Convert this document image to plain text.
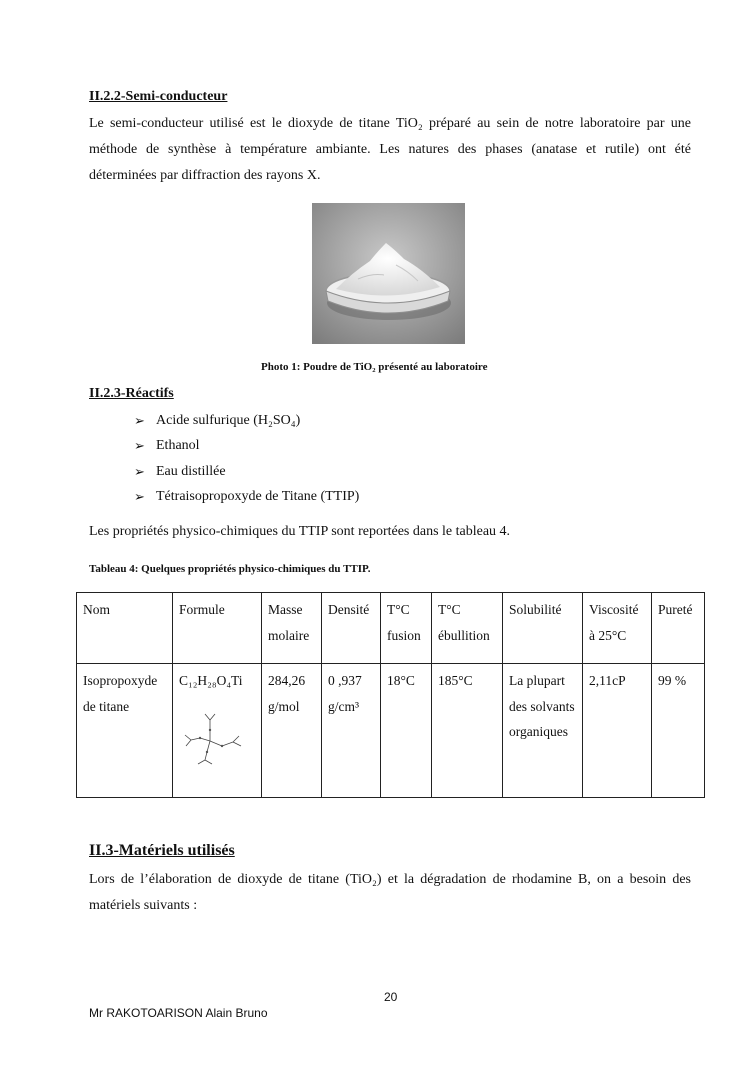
II.2.2-Semi-conducteur
Le semi-conducteur utilisé est le dioxyde de titane TiO₂ préparé au sein de notre laboratoire par une
méthode de synthèse à température ambiante. Les natures des phases (anatase et rutile) ont été
déterminées par diffraction des rayons X.
Photo 1: Poudre de TiO₂ présenté au laboratoire
II.2.3-Réactifs
➢ Acide sulfurique (H₂SO₄)
➢ Ethanol
➢ Eau distillée
➢ Tétraisopropoxyde de Titane (TTIP)
Les propriétés physico-chimiques du TTIP sont reportées dans le tableau 4.
Tableau 4: Quelques propriétés physico-chimiques du TTIP.
Nom	Formule	Masse molaire	Densité	T°C fusion	T°C ébullition	Solubilité	Viscosité à 25°C	Pureté
Isopropoxyde de titane	C₁₂H₂₈O₄Ti	284,26 g/mol	0 ,937 g/cm³	18°C	185°C	La plupart des solvants organiques	2,11cP	99 %
II.3-Matériels utilisés
Lors de l’élaboration de dioxyde de titane (TiO₂) et la dégradation de rhodamine B, on a besoin des
matériels suivants :
20
Mr RAKOTOARISON Alain Bruno
